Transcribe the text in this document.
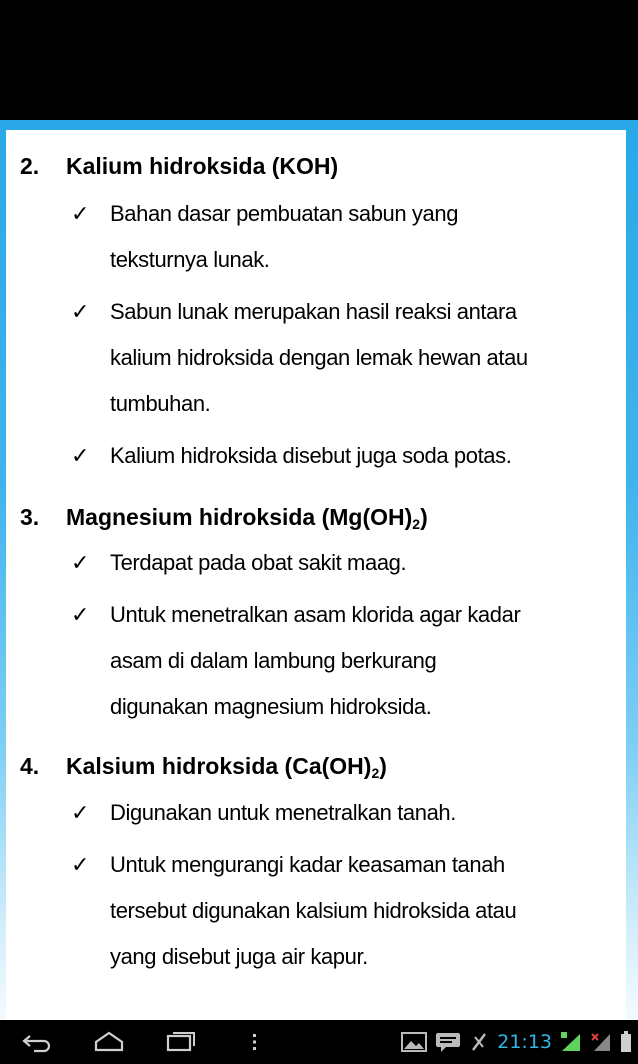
2. Kalium hidroksida (KOH)
✓ Bahan dasar pembuatan sabun yang
teksturnya lunak.
✓ Sabun lunak merupakan hasil reaksi antara
kalium hidroksida dengan lemak hewan atau
tumbuhan.
✓ Kalium hidroksida disebut juga soda potas.
3. Magnesium hidroksida $(Mg(OH)_2)$
✓ Terdapat pada obat sakit maag.
✓ Untuk menetralkan asam klorida agar kadar
asam di dalam lambung berkurang
digunakan magnesium hidroksida.
4. Kalsium hidroksida $(Ca(OH)_2)$
✓ Digunakan untuk menetralkan tanah.
✓ Untuk mengurangi kadar keasaman tanah
tersebut digunakan kalsium hidroksida atau
yang disebut juga air kapur.
21:13
